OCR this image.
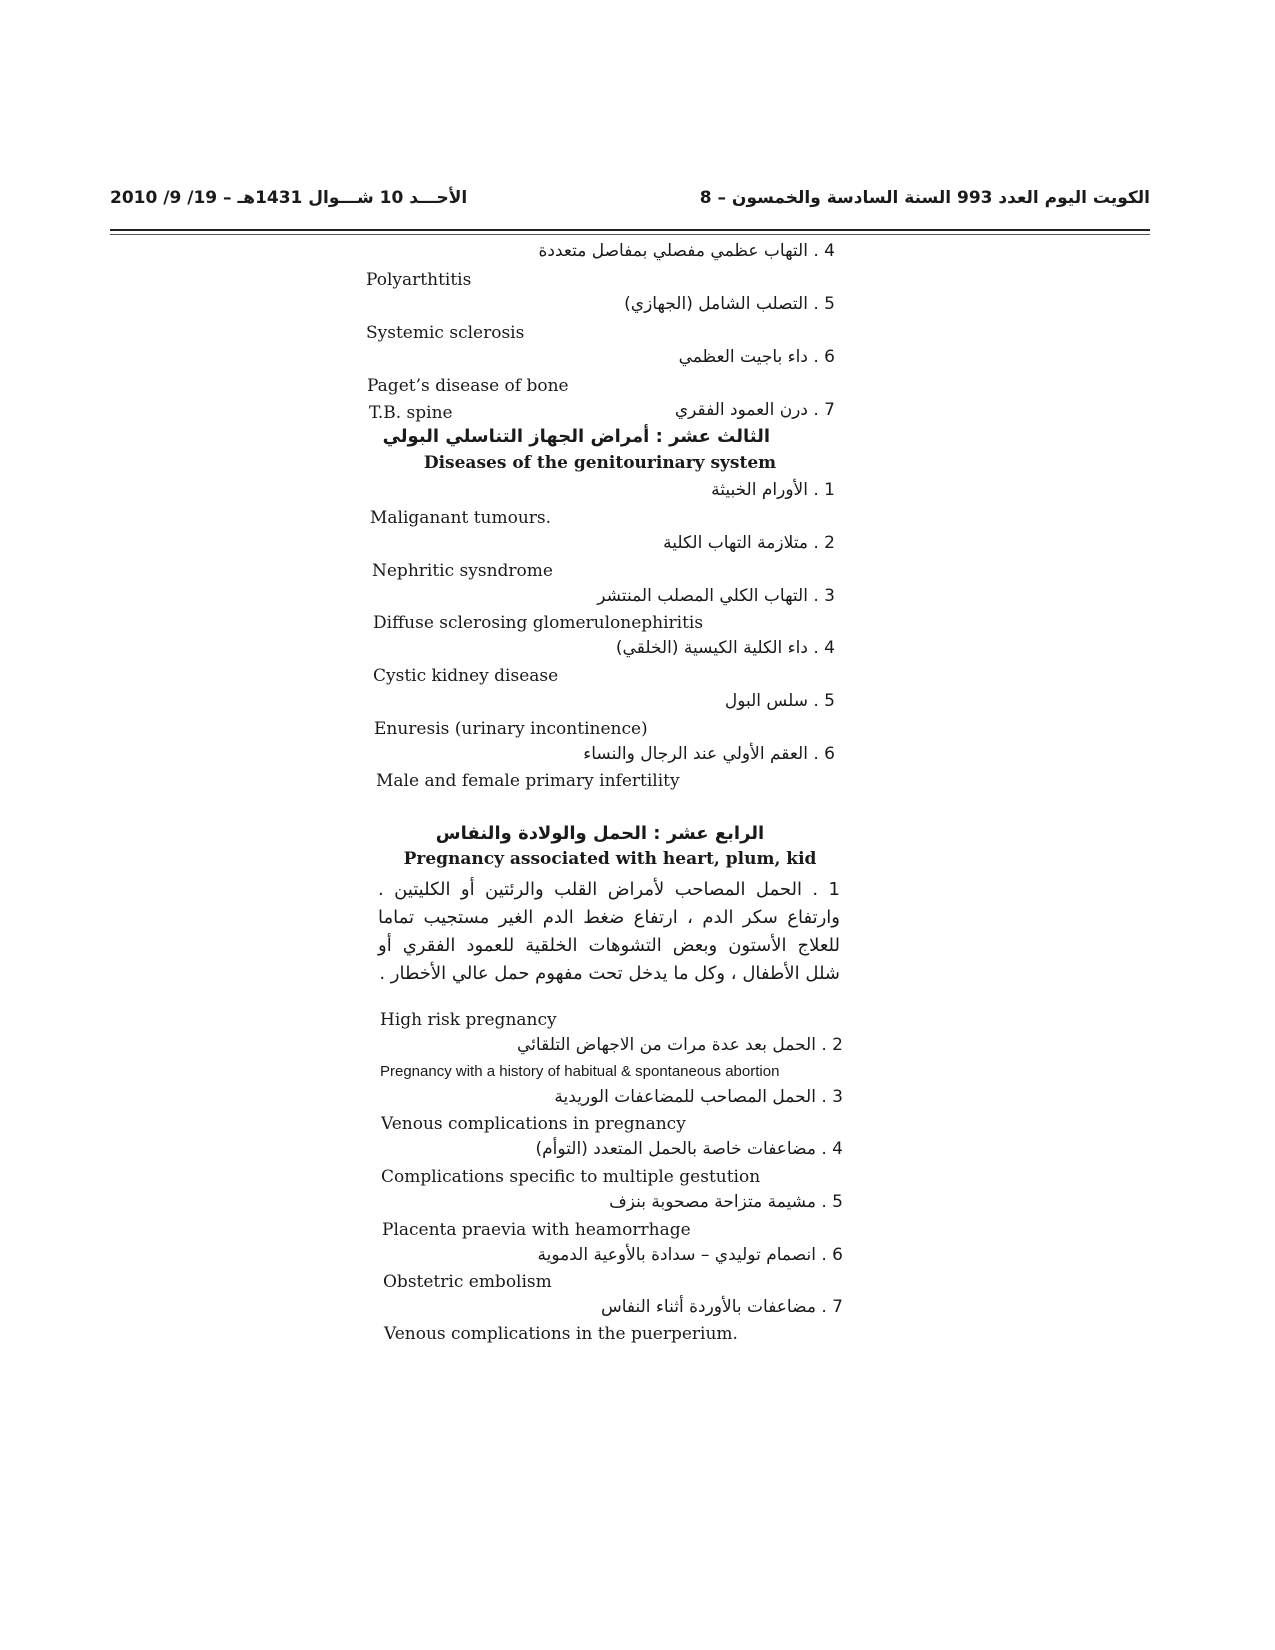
الأحـــد 10 شـــوال 1431هـ – 19/ 9/ 2010	الكويت اليوم العدد 993 السنة السادسة والخمسون – 8
4 . التهاب عظمي مفصلي بمفاصل متعددة
Polyarthtitis
5 . التصلب الشامل (الجهازي)
Systemic sclerosis
6 . داء باجيت العظمي
Paget’s disease of bone
T.B. spine	7 . درن العمود الفقري
الثالث عشر : أمراض الجهاز التناسلي البولي
Diseases of the genitourinary system
1 . الأورام الخبيثة
Maliganant tumours.
2 . متلازمة التهاب الكلية
Nephritic sysndrome
3 . التهاب الكلي المصلب المنتشر
Diffuse sclerosing glomerulonephiritis
4 . داء الكلية الكيسية (الخلقي)
Cystic kidney disease
5 . سلس البول
Enuresis (urinary incontinence)
6 . العقم الأولي عند الرجال والنساء
Male and female primary infertility
الرابع عشر : الحمل والولادة والنفاس
Pregnancy associated with heart, plum, kid
1 . الحمل المصاحب لأمراض القلب والرئتين أو الكليتين . وارتفاع سكر الدم ، ارتفاع ضغط الدم الغير مستجيب تماما للعلاج الأستون وبعض التشوهات الخلقية للعمود الفقري أو شلل الأطفال ، وكل ما يدخل تحت مفهوم حمل عالي الأخطار .
High risk pregnancy
2 . الحمل بعد عدة مرات من الاجهاض التلقائي
Pregnancy with a history of habitual & spontaneous abortion
3 . الحمل المصاحب للمضاعفات الوريدية
Venous complications in pregnancy
4 . مضاعفات خاصة بالحمل المتعدد (التوأم)
Complications specific to multiple gestution
5 . مشيمة متزاحة مصحوبة بنزف
Placenta praevia with heamorrhage
6 . انصمام توليدي – سدادة بالأوعية الدموية
Obstetric embolism
7 . مضاعفات بالأوردة أثناء النفاس
Venous complications in the puerperium.
